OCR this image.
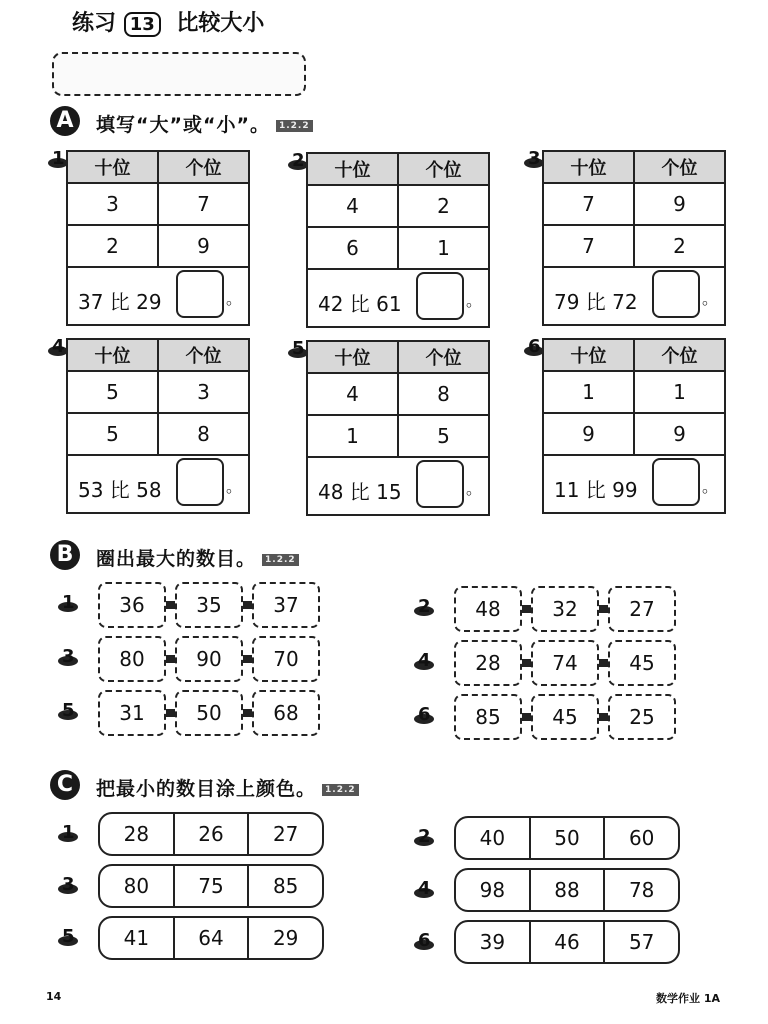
练习 13 比较大小
A	填写“大”或“小”。 1.2.2
1	十位	个位
3	7
2	9
37 比 29	。
2	十位	个位
4	2
6	1
42 比 61	。
3	十位	个位
7	9
7	2
79 比 72	。
4	十位	个位
5	3
5	8
53 比 58	。
5	十位	个位
4	8
1	5
48 比 15	。
6	十位	个位
1	1
9	9
11 比 99	。
B	圈出最大的数目。 1.2.2
1	36	35	37	2	48	32	27
3	80	90	70	4	28	74	45
5	31	50	68	6	85	45	25
C	把最小的数目涂上颜色。 1.2.2
1	28	26	27	2	40	50	60
3	80	75	85	4	98	88	78
5	41	64	29	6	39	46	57
14	数学作业 1A
